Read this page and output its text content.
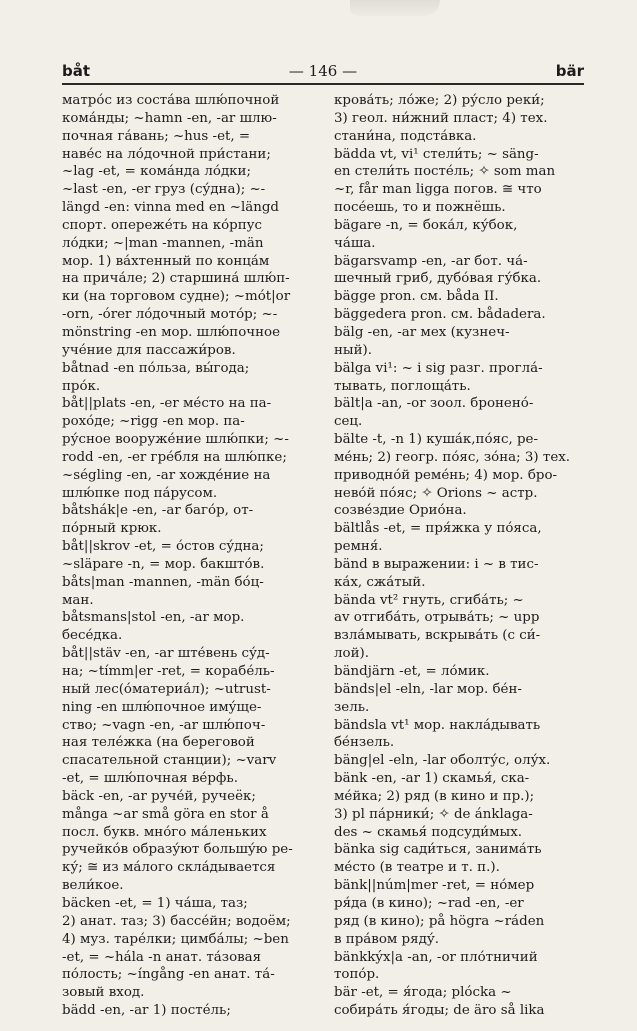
båt	— 146 —	bär
матро́с из соста́ва шлю́почной
кома́нды; ~hamn -en, -ar шлю-
почная га́вань; ~hus -et, =
наве́с на ло́дочной при́стани;
~lag -et, = кома́нда ло́дки;
~last -en, -er груз (су́дна); ~-
längd -en: vinna med en ~längd
спорт. опереже́ть на ко́рпус
ло́дки; ~|man -mannen, -män
мор. 1) ва́хтенный по конца́м
на прича́ле; 2) старшина́ шлю́п-
ки (на торговом судне); ~mót|or
-orn, -órer ло́дочный мото́р; ~-
mönstring -en мор. шлю́почное
уче́ние для пассажи́ров.
båtnad -en по́льза, вы́года;
про́к.
båt||plats -en, -er ме́сто на па-
рохо́де; ~rigg -en мор. па-
ру́сное вооруже́ние шлю́пки; ~-
rodd -en, -er гре́бля на шлю́пке;
~ségling -en, -ar хожде́ние на
шлю́пке под па́русом.
båtshák|e -en, -ar баго́р, от-
по́рный крюк.
båt||skrov -et, = о́стов су́дна;
~släpare -n, = мор. бакшто́в.
båts|man -mannen, -män бо́ц-
ман.
båtsmans|stol -en, -ar мор.
бесе́дка.
båt||stäv -en, -ar ште́вень су́д-
на; ~tímm|er -ret, = корабе́ль-
ный лес(о́материа́л); ~utrust-
ning -en шлю́почное иму́ще-
ство; ~vagn -en, -ar шлю́поч-
ная теле́жка (на береговой
спасательной станции); ~varv
-et, = шлю́почная ве́рфь.
bäck -en, -ar руче́й, ручеёк;
många ~ar små göra en stor å
посл. букв. мно́го ма́леньких
ручейко́в образу́ют большу́ю ре-
ку́; ≅ из ма́лого скла́дывается
вели́кое.
bäcken -et, = 1) ча́ша, таз;
2) анат. таз; 3) бассе́йн; водоём;
4) муз. таре́лки; цимба́лы; ~ben
-et, = ~hála -n анат. та́зовая
по́лость; ~íngång -en анат. та́-
зовый вход.
bädd -en, -ar 1) посте́ль;
крова́ть; ло́же; 2) ру́сло реки́;
3) геол. ни́жний пласт; 4) тех.
стани́на, подста́вка.
bädda vt, vi¹ стели́ть; ~ säng-
en стели́ть посте́ль; ✧ som man
~r, får man ligga погов. ≅ что
посе́ешь, то и пожнёшь.
bägare -n, = бока́л, ку́бок,
ча́ша.
bägarsvamp -en, -ar бот. ча́-
шечный гриб, дубо́вая гу́бка.
bägge pron. см. båda II.
bäggedera pron. см. bådadera.
bälg -en, -ar мех (кузнеч-
ный).
bälga vi¹: ~ i sig разг. прогла́-
тывать, поглоща́ть.
bält|a -an, -or зоол. бронено́-
сец.
bälte -t, -n 1) куша́к,по́яс, ре-
ме́нь; 2) геогр. по́яс, зо́на; 3) тех.
приводно́й реме́нь; 4) мор. бро-
нево́й по́яс; ✧ Orions ~ астр.
созве́здие Орио́на.
bältlås -et, = пря́жка у по́яса,
ремня́.
bänd в выражении: i ~ в тис-
ка́х, сжа́тый.
bända vt² гнуть, сгиба́ть; ~
av отгиба́ть, отрыва́ть; ~ upp
взла́мывать, вскрыва́ть (с си́-
лой).
bändjärn -et, = ло́мик.
bänds|el -eln, -lar мор. бе́н-
зель.
bändsla vt¹ мор. накла́дывать
бе́нзель.
bäng|el -eln, -lar оболту́с, олу́х.
bänk -en, -ar 1) скамья́, ска-
ме́йка; 2) ряд (в кино и пр.);
3) pl па́рники́; ✧ de ánklaga-
des ~ скамья́ подсуди́мых.
bänka sig сади́ться, занима́ть
ме́сто (в театре и т. п.).
bänk||núm|mer -ret, = но́мер
ря́да (в кино); ~rad -en, -er
ряд (в кино); på högra ~ráden
в пра́вом ряду́.
bänkkýx|a -an, -or пло́тничий
топо́р.
bär -et, = я́года; plócka ~
собира́ть я́годы; de äro så lika
